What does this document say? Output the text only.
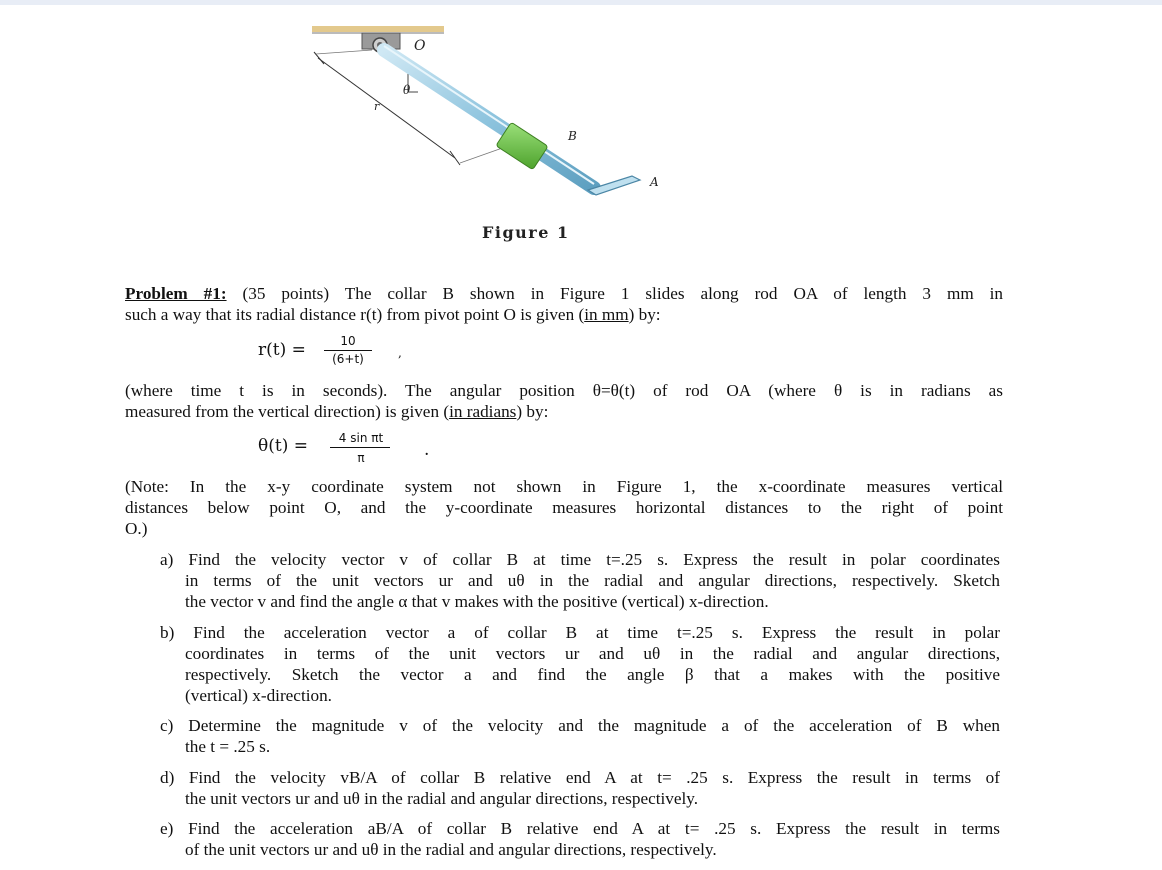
O
θ
r
B
A
Figure 1
Problem #1: (35 points) The collar B shown in Figure 1 slides along rod OA of length 3 mm in
such a way that its radial distance r(t) from pivot point O is given (in mm) by:
r(t) =	10
(6+t)	,
(where time t is in seconds). The angular position θ=θ(t) of rod OA (where θ is in radians as
measured from the vertical direction) is given (in radians) by:
θ(t) =	4 sin πt
π	.
(Note: In the x-y coordinate system not shown in Figure 1, the x-coordinate measures vertical
distances below point O, and the y-coordinate measures horizontal distances to the right of point
O.)
a) Find the velocity vector v of collar B at time t=.25 s. Express the result in polar coordinates
in terms of the unit vectors ur and uθ in the radial and angular directions, respectively. Sketch
the vector v and find the angle α that v makes with the positive (vertical) x-direction.
b) Find the acceleration vector a of collar B at time t=.25 s. Express the result in polar
coordinates in terms of the unit vectors ur and uθ in the radial and angular directions,
respectively. Sketch the vector a and find the angle β that a makes with the positive
(vertical) x-direction.
c) Determine the magnitude v of the velocity and the magnitude a of the acceleration of B when
the t = .25 s.
d) Find the velocity vB/A of collar B relative end A at t= .25 s. Express the result in terms of
the unit vectors ur and uθ in the radial and angular directions, respectively.
e) Find the acceleration aB/A of collar B relative end A at t= .25 s. Express the result in terms
of the unit vectors ur and uθ in the radial and angular directions, respectively.
